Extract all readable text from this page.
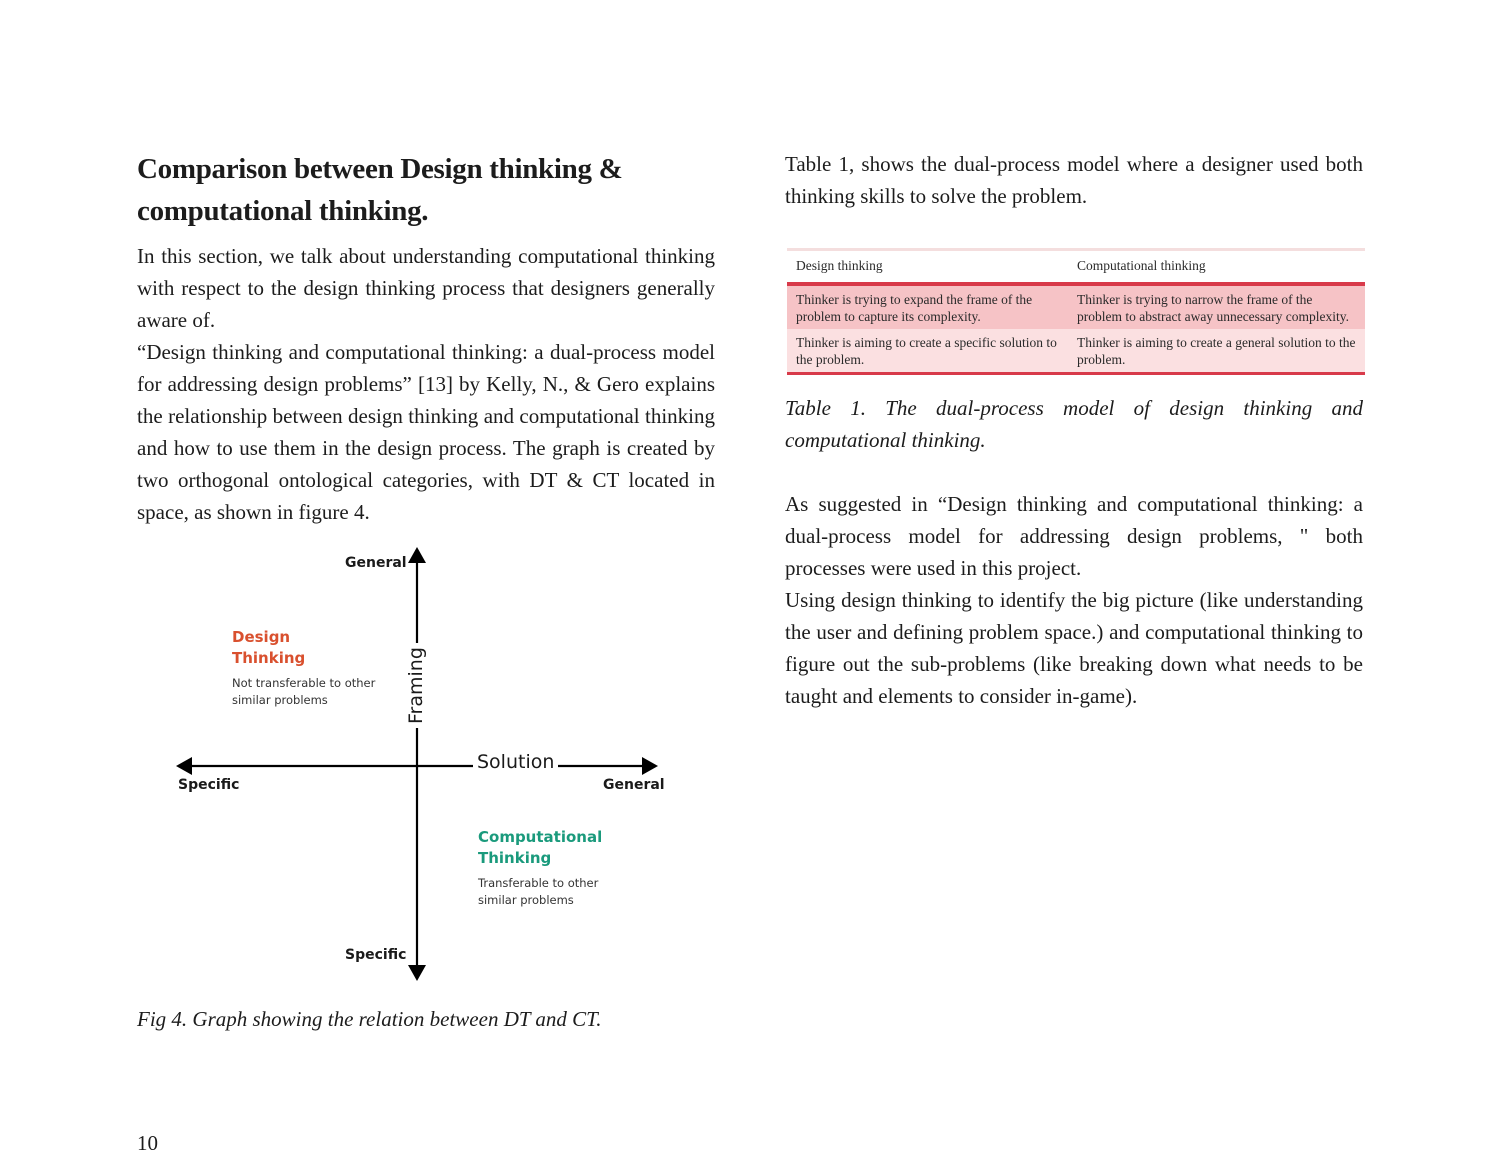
Comparison between Design thinking & computational thinking.

In this section, we talk about understanding computational thinking with respect to the design thinking process that designers generally aware of.

“Design thinking and computational thinking: a dual-process model for addressing design problems” [13] by Kelly, N., & Gero explains the relationship between design thinking and computational thinking and how to use them in the design process. The graph is created by two orthogonal ontological categories, with DT & CT located in space, as shown in figure 4.

General
Specific
Specific	General
Framing
Solution
Design
Thinking
Not transferable to other
similar problems
Computational
Thinking
Transferable to other
similar problems

Fig 4. Graph showing the relation between DT and CT.

Table 1, shows the dual-process model where a designer used both thinking skills to solve the problem.

Design thinking	Computational thinking
Thinker is trying to expand the frame of the problem to capture its complexity.	Thinker is trying to narrow the frame of the problem to abstract away unnecessary complexity.
Thinker is aiming to create a specific solution to the problem.	Thinker is aiming to create a general solution to the problem.

Table 1. The dual-process model of design thinking and computational thinking.

As suggested in “Design thinking and computational thinking: a dual-process model for addressing design problems, " both processes were used in this project.

Using design thinking to identify the big picture (like understanding the user and defining problem space.) and computational thinking to figure out the sub-problems (like breaking down what needs to be taught and elements to consider in-game).

10
